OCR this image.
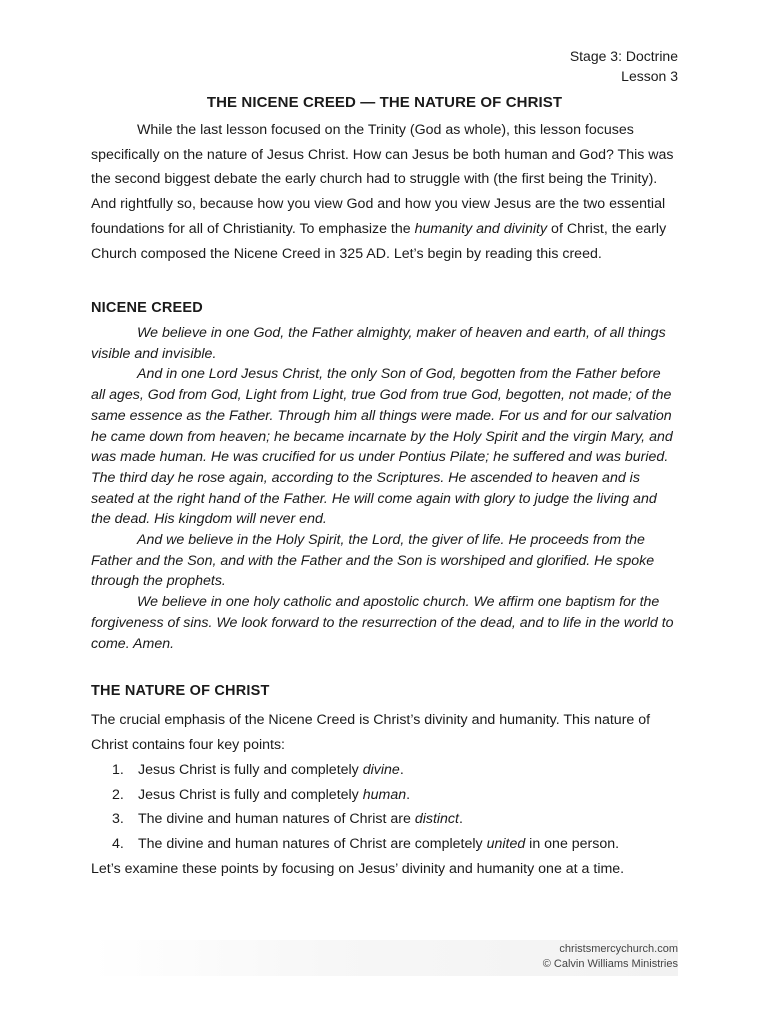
Stage 3: Doctrine
Lesson 3
THE NICENE CREED — THE NATURE OF CHRIST

While the last lesson focused on the Trinity (God as whole), this lesson focuses specifically on the nature of Jesus Christ. How can Jesus be both human and God? This was the second biggest debate the early church had to struggle with (the first being the Trinity). And rightfully so, because how you view God and how you view Jesus are the two essential foundations for all of Christianity. To emphasize the humanity and divinity of Christ, the early Church composed the Nicene Creed in 325 AD. Let’s begin by reading this creed.

NICENE CREED

We believe in one God, the Father almighty, maker of heaven and earth, of all things visible and invisible.

And in one Lord Jesus Christ, the only Son of God, begotten from the Father before all ages, God from God, Light from Light, true God from true God, begotten, not made; of the same essence as the Father. Through him all things were made. For us and for our salvation he came down from heaven; he became incarnate by the Holy Spirit and the virgin Mary, and was made human. He was crucified for us under Pontius Pilate; he suffered and was buried. The third day he rose again, according to the Scriptures. He ascended to heaven and is seated at the right hand of the Father. He will come again with glory to judge the living and the dead. His kingdom will never end.

And we believe in the Holy Spirit, the Lord, the giver of life. He proceeds from the Father and the Son, and with the Father and the Son is worshiped and glorified. He spoke through the prophets.

We believe in one holy catholic and apostolic church. We affirm one baptism for the forgiveness of sins. We look forward to the resurrection of the dead, and to life in the world to come. Amen.

THE NATURE OF CHRIST

The crucial emphasis of the Nicene Creed is Christ’s divinity and humanity. This nature of Christ contains four key points:

1. Jesus Christ is fully and completely divine.
2. Jesus Christ is fully and completely human.
3. The divine and human natures of Christ are distinct.
4. The divine and human natures of Christ are completely united in one person.

Let’s examine these points by focusing on Jesus’ divinity and humanity one at a time.

christsmercychurch.com
© Calvin Williams Ministries
